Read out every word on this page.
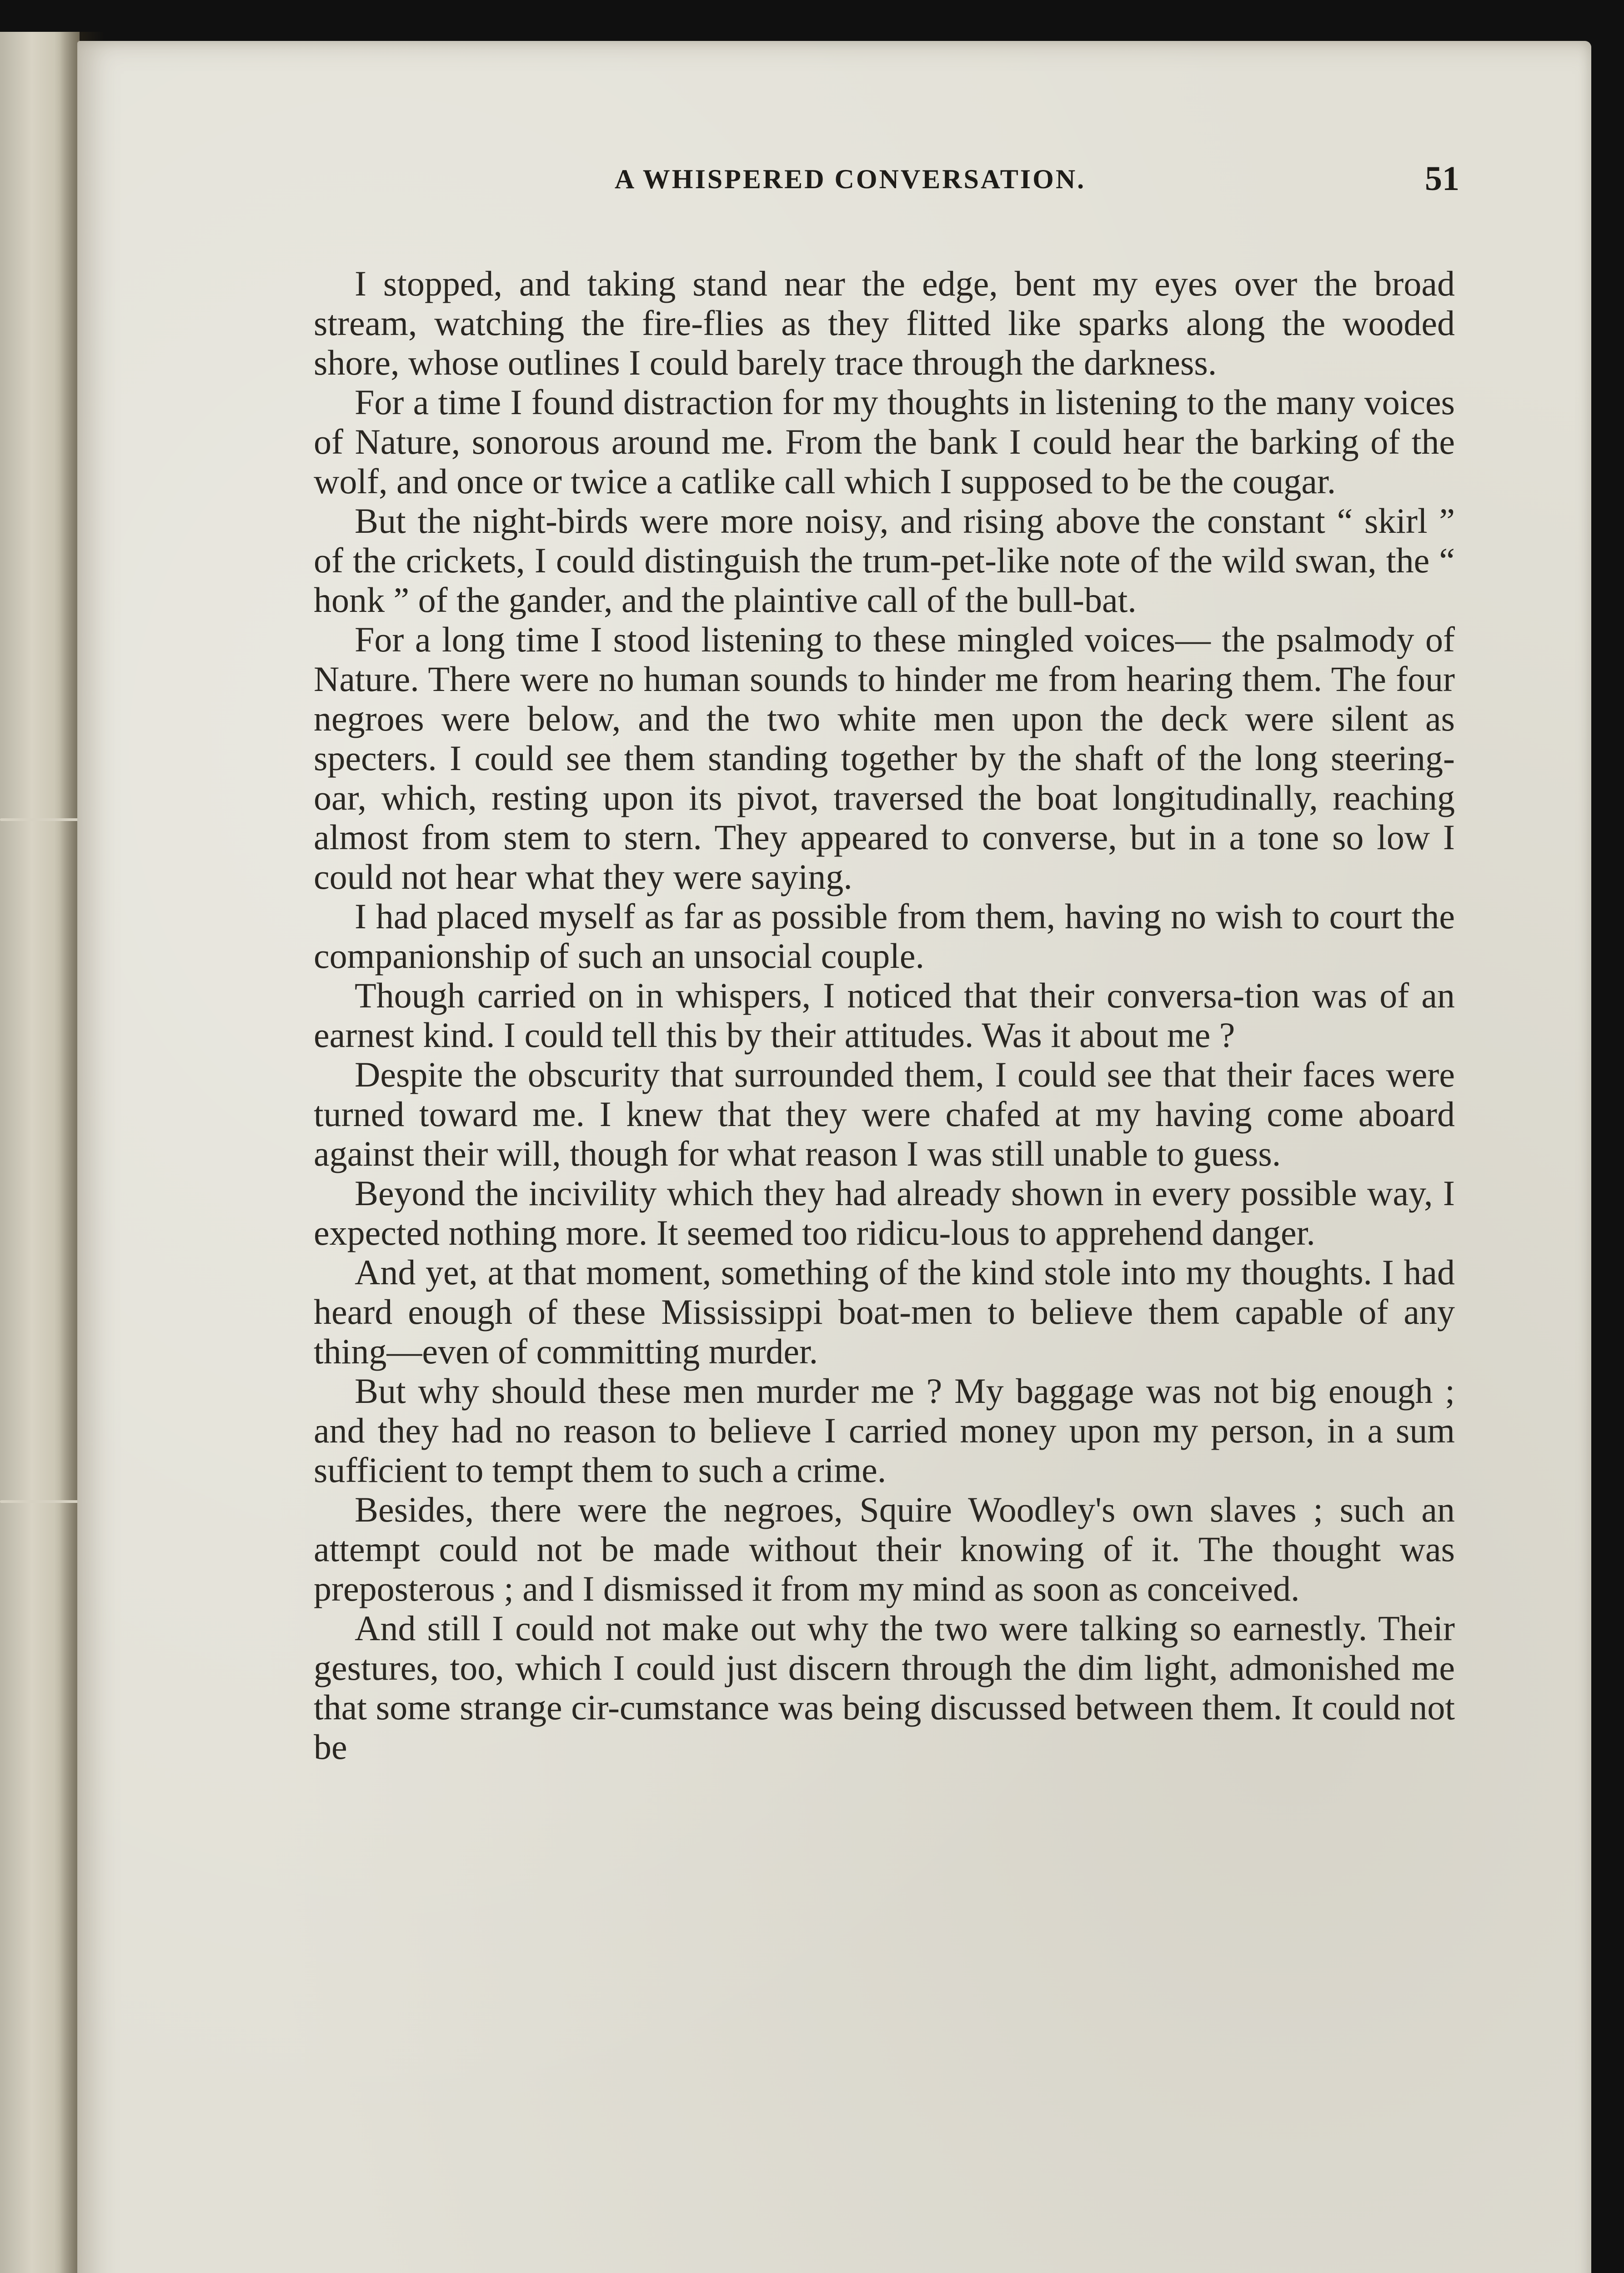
A WHISPERED CONVERSATION.	51

I stopped, and taking stand near the edge, bent my eyes over the broad stream, watching the fire-flies as they flitted like sparks along the wooded shore, whose outlines I could barely trace through the darkness.

For a time I found distraction for my thoughts in listening to the many voices of Nature, sonorous around me. From the bank I could hear the barking of the wolf, and once or twice a catlike call which I supposed to be the cougar.

But the night-birds were more noisy, and rising above the constant “ skirl ” of the crickets, I could distinguish the trum-pet-like note of the wild swan, the “ honk ” of the gander, and the plaintive call of the bull-bat.

For a long time I stood listening to these mingled voices— the psalmody of Nature. There were no human sounds to hinder me from hearing them. The four negroes were below, and the two white men upon the deck were silent as specters. I could see them standing together by the shaft of the long steering-oar, which, resting upon its pivot, traversed the boat longitudinally, reaching almost from stem to stern. They appeared to converse, but in a tone so low I could not hear what they were saying.

I had placed myself as far as possible from them, having no wish to court the companionship of such an unsocial couple.

Though carried on in whispers, I noticed that their conversa-tion was of an earnest kind. I could tell this by their attitudes. Was it about me ?

Despite the obscurity that surrounded them, I could see that their faces were turned toward me. I knew that they were chafed at my having come aboard against their will, though for what reason I was still unable to guess.

Beyond the incivility which they had already shown in every possible way, I expected nothing more. It seemed too ridicu-lous to apprehend danger.

And yet, at that moment, something of the kind stole into my thoughts. I had heard enough of these Mississippi boat-men to believe them capable of any thing—even of committing murder.

But why should these men murder me ? My baggage was not big enough ; and they had no reason to believe I carried money upon my person, in a sum sufficient to tempt them to such a crime.

Besides, there were the negroes, Squire Woodley's own slaves ; such an attempt could not be made without their knowing of it. The thought was preposterous ; and I dismissed it from my mind as soon as conceived.

And still I could not make out why the two were talking so earnestly. Their gestures, too, which I could just discern through the dim light, admonished me that some strange cir-cumstance was being discussed between them. It could not be
